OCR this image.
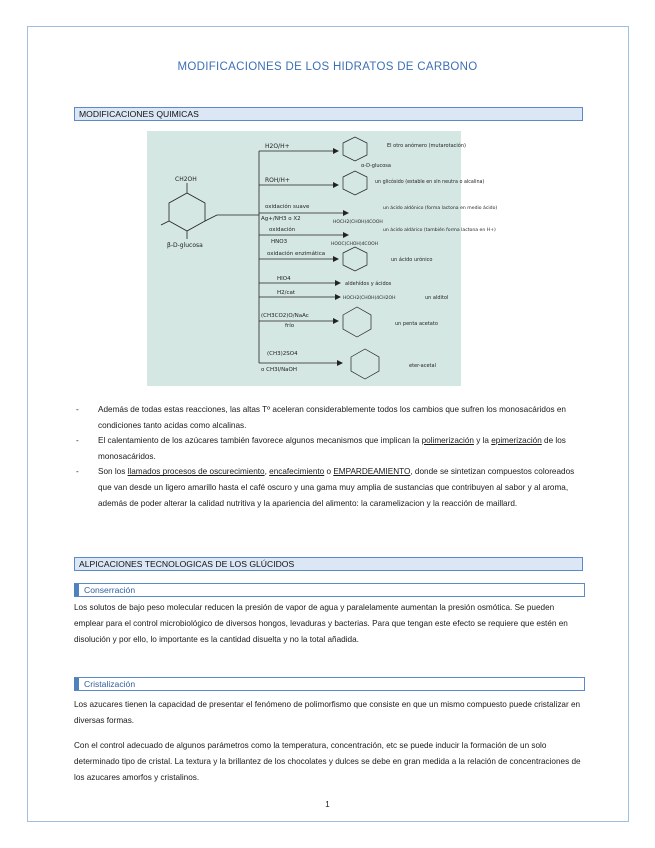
MODIFICACIONES DE LOS HIDRATOS DE CARBONO
MODIFICACIONES QUIMICAS
CH2OH
β-D-glucosa
H2O/H+	El otro anómero (mutarotación)
α-D-glucosa
ROH/H+	un glicósido (estable en sln neutra o alcalina)
oxidación suave
Ag+/NH3 o X2
HOCH2(CHOH)4COOH
un ácido aldónico (forma lactona en medio ácido)
oxidación
HNO3	HOOC(CHOH)4COOH
un ácido aldárico (también forma lactona en H+)
oxidación enzimática
un ácido urónico
HIO4
aldehídos y ácidos
H2/cat
HOCH2(CHOH)4CH2OH	un alditol
(CH3CO2)O/NaAc
frío	un penta acetato
(CH3)2SO4
o CH3I/NaOH
eter-acetal
- Además de todas estas reacciones, las altas Tº aceleran considerablemente todos los cambios que sufren los monosacáridos en condiciones tanto acidas como alcalinas.
- El calentamiento de los azúcares también favorece algunos mecanismos que implican la polimerización y la epimerización de los monosacáridos.
- Son los llamados procesos de oscurecimiento, encafecimiento o EMPARDEAMIENTO, donde se sintetizan compuestos coloreados que van desde un ligero amarillo hasta el café oscuro y una gama muy amplia de sustancias que contribuyen al sabor y al aroma, además de poder alterar la calidad nutritiva y la apariencia del alimento: la caramelizacion y la reacción de maillard.
ALPICACIONES TECNOLOGICAS DE LOS GLÚCIDOS
Conserración

Los solutos de bajo peso molecular reducen la presión de vapor de agua y paralelamente aumentan la presión osmótica. Se pueden emplear para el control microbiológico de diversos hongos, levaduras y bacterias. Para que tengan este efecto se requiere que estén en disolución y por ello, lo importante es la cantidad disuelta y no la total añadida.

Cristalización

Los azucares tienen la capacidad de presentar el fenómeno de polimorfismo que consiste en que un mismo compuesto puede cristalizar en diversas formas.

Con el control adecuado de algunos parámetros como la temperatura, concentración, etc se puede inducir la formación de un solo determinado tipo de cristal. La textura y la brillantez de los chocolates y dulces se debe en gran medida a la relación de concentraciones de los azucares amorfos y cristalinos.

1
